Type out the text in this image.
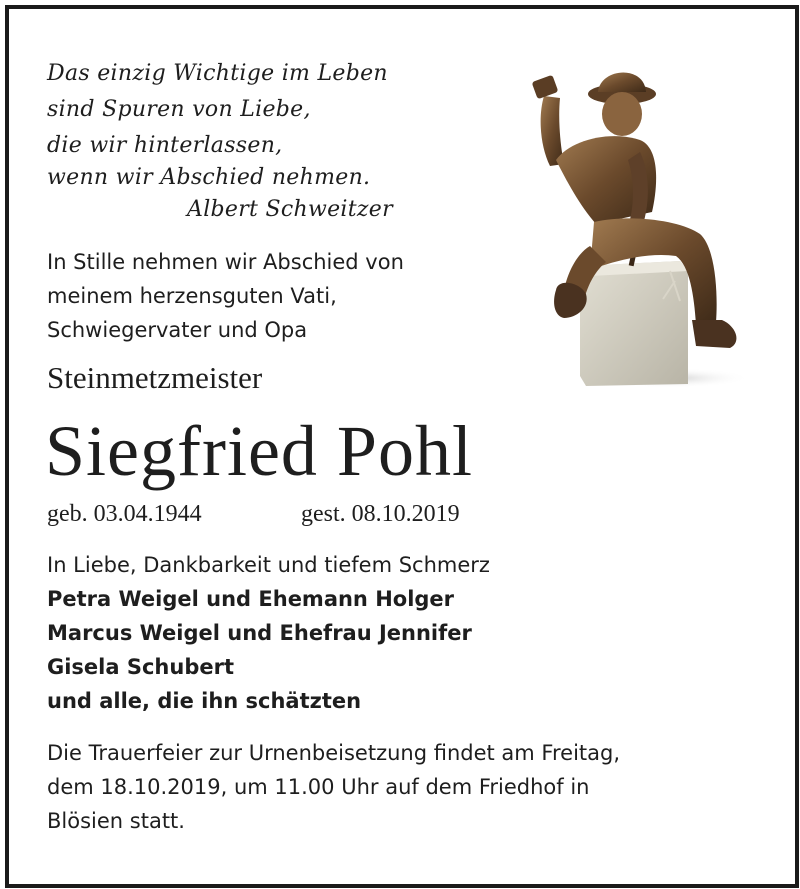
Das einzig Wichtige im Leben
sind Spuren von Liebe,
die wir hinterlassen,
wenn wir Abschied nehmen.
Albert Schweitzer
In Stille nehmen wir Abschied von
meinem herzensguten Vati,
Schwiegervater und Opa
Steinmetzmeister
Siegfried Pohl
geb. 03.04.1944	gest. 08.10.2019
In Liebe, Dankbarkeit und tiefem Schmerz
Petra Weigel und Ehemann Holger
Marcus Weigel und Ehefrau Jennifer
Gisela Schubert
und alle, die ihn schätzten
Die Trauerfeier zur Urnenbeisetzung findet am Freitag,
dem 18.10.2019, um 11.00 Uhr auf dem Friedhof in
Blösien statt.
